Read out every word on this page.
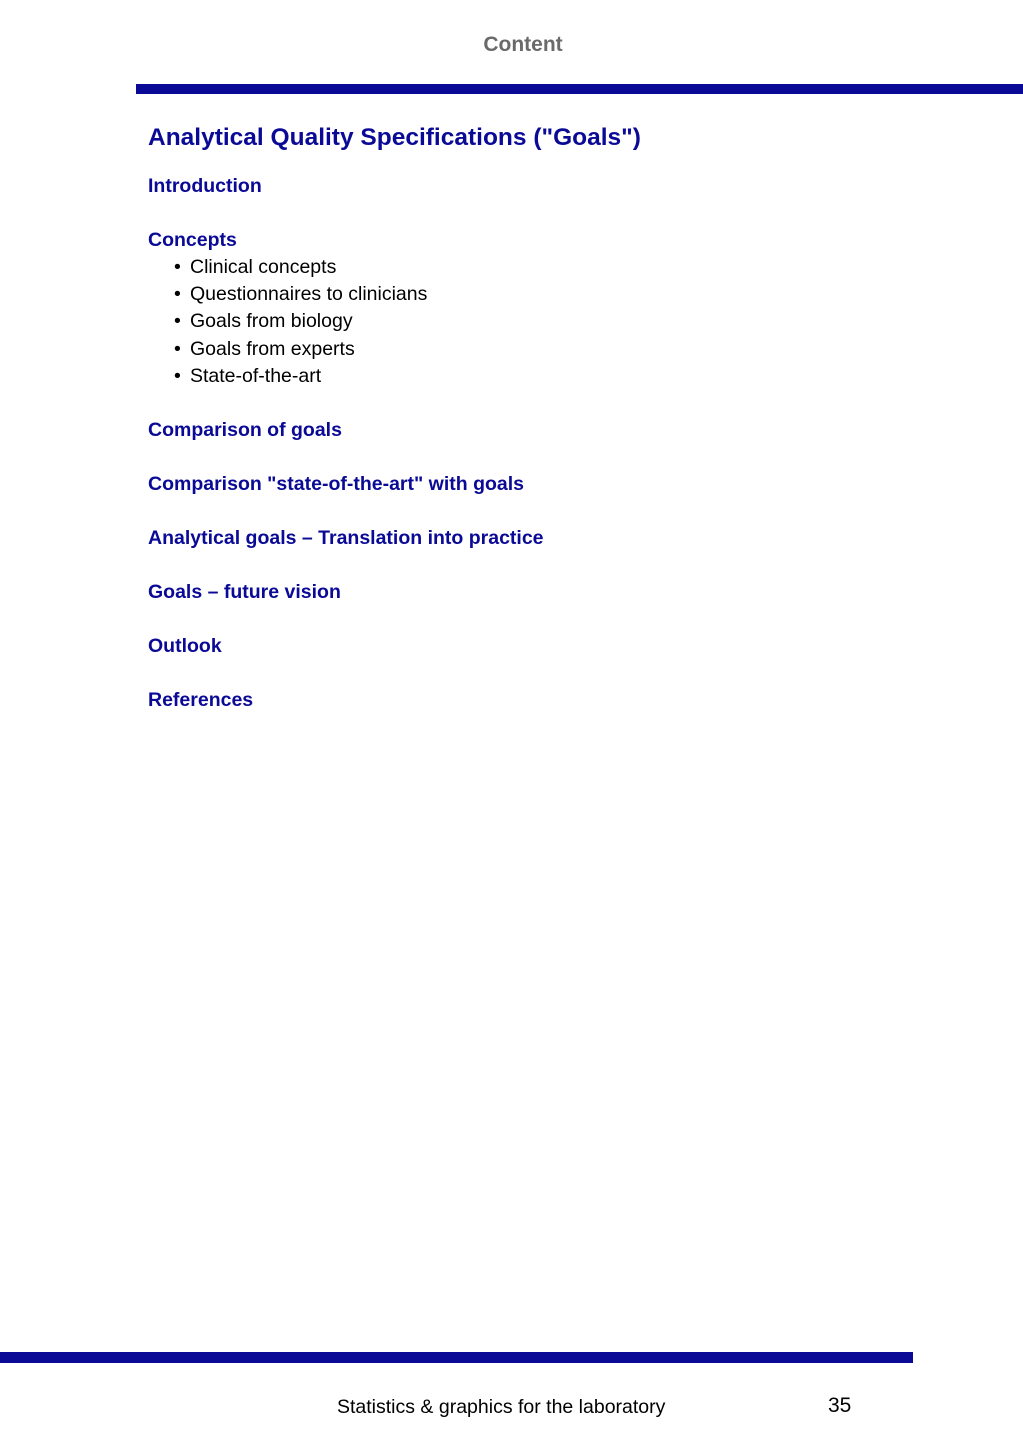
Content
Analytical Quality Specifications ("Goals")
Introduction
Concepts
• Clinical concepts
• Questionnaires to clinicians
• Goals from biology
• Goals from experts
• State-of-the-art
Comparison of goals
Comparison "state-of-the-art" with goals
Analytical goals – Translation into practice
Goals – future vision
Outlook
References
Statistics & graphics for the laboratory	35
